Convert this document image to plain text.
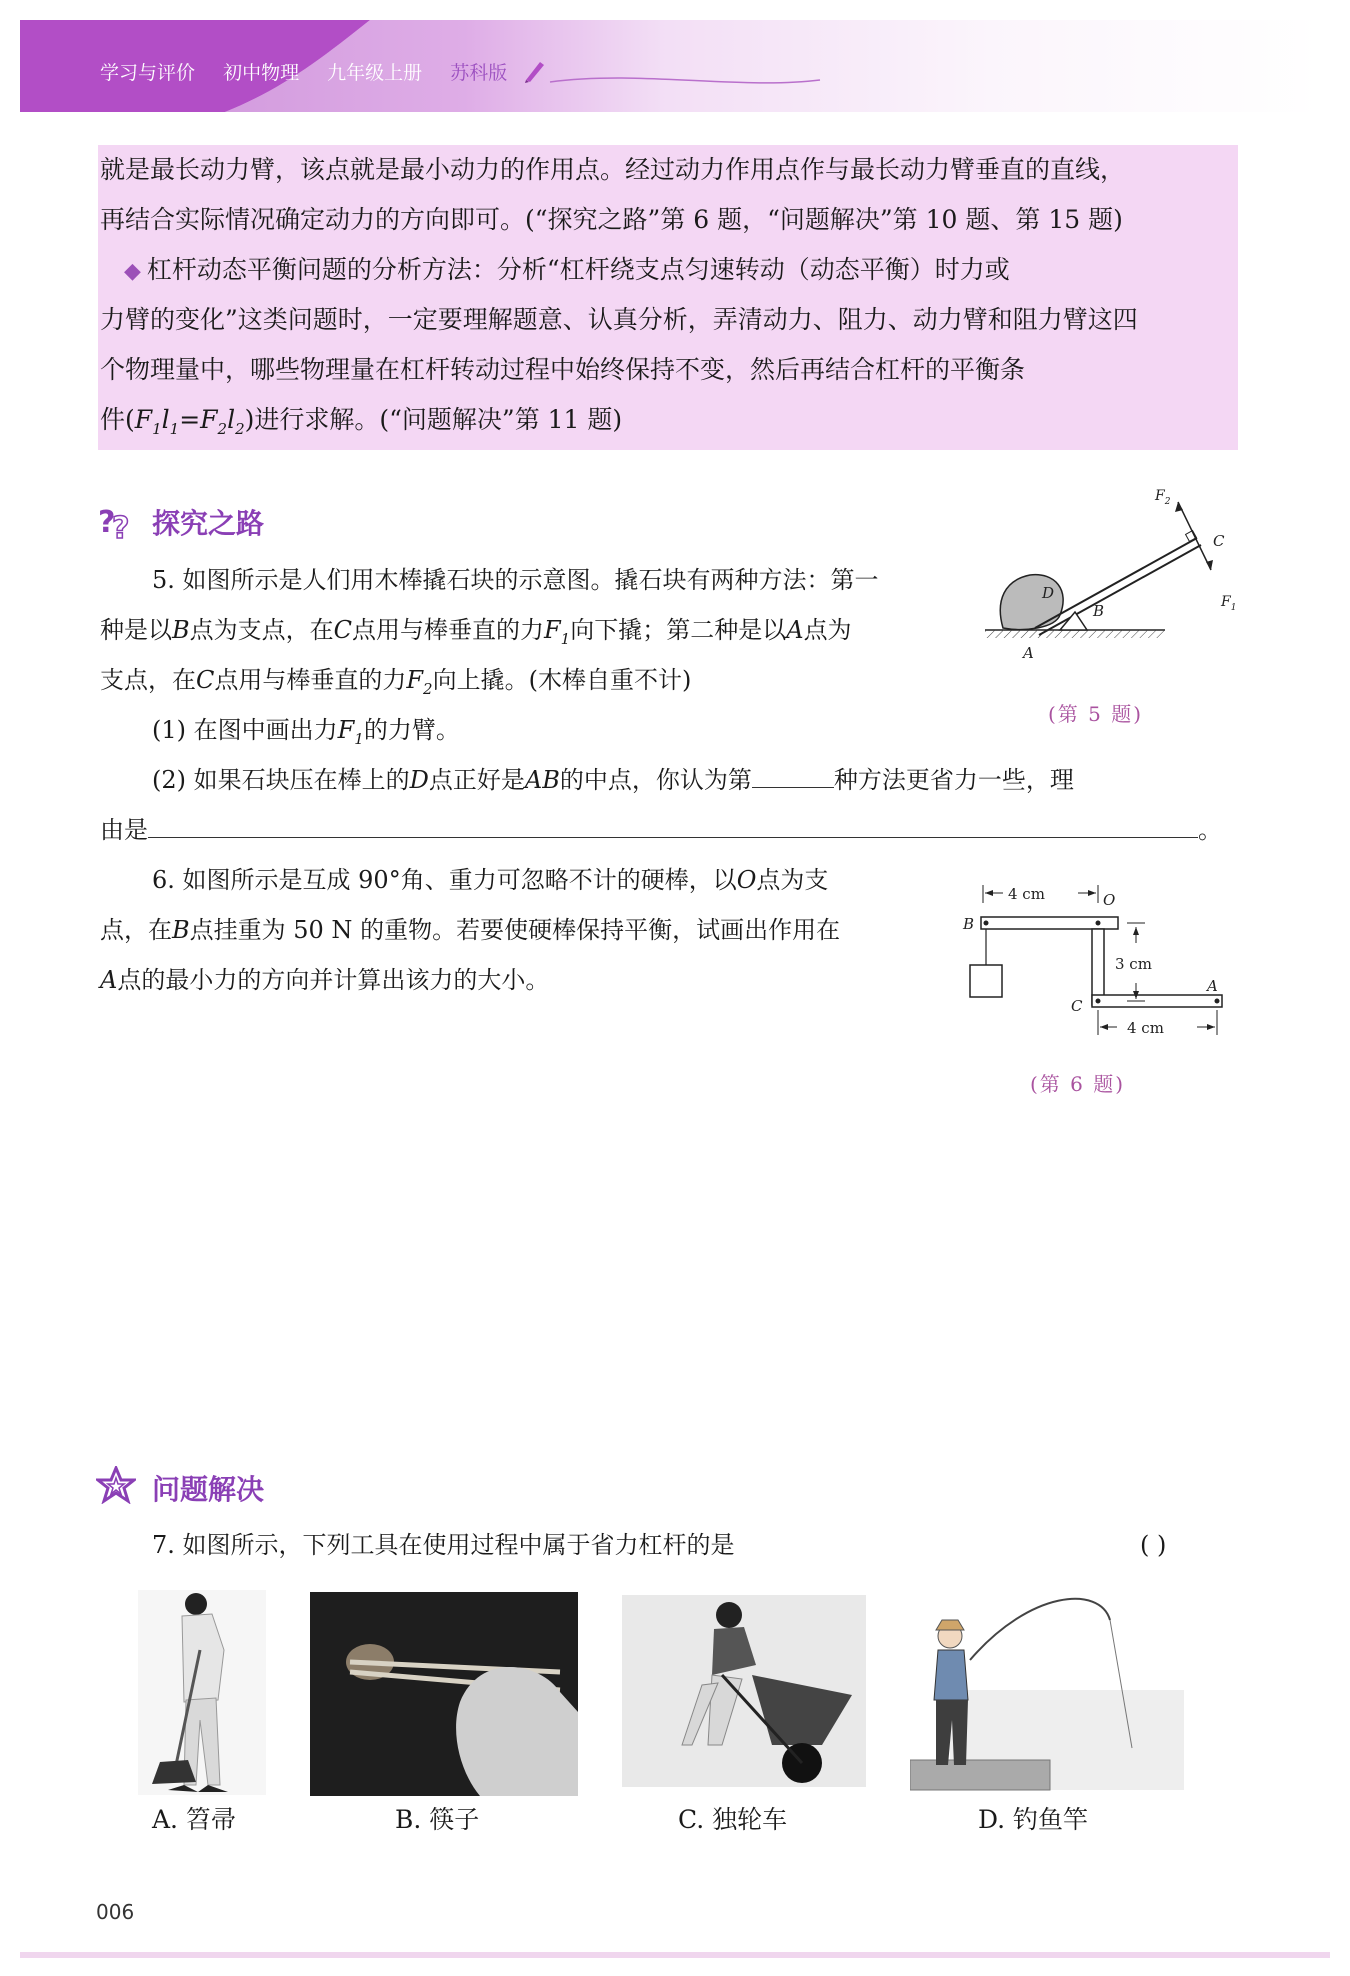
学习与评价 初中物理 九年级上册 苏科版
就是最长动力臂，该点就是最小动力的作用点。经过动力作用点作与最长动力臂垂直的直线，
再结合实际情况确定动力的方向即可。(“探究之路”第 6 题，“问题解决”第 10 题、第 15 题)
◆ 杠杆动态平衡问题的分析方法：分析“杠杆绕支点匀速转动（动态平衡）时力或
力臂的变化”这类问题时，一定要理解题意、认真分析，弄清动力、阻力、动力臂和阻力臂这四
个物理量中，哪些物理量在杠杆转动过程中始终保持不变，然后再结合杠杆的平衡条
件$(F_1l_1=F_2l_2)$进行求解。(“问题解决”第 11 题)
?
? 探究之路
5. 如图所示是人们用木棒撬石块的示意图。撬石块有两种方法：第一
种是以B点为支点，在C点用与棒垂直的力$F_1$向下撬；第二种是以A点为
支点，在C点用与棒垂直的力$F_2$向上撬。(木棒自重不计)
(1) 在图中画出力$F_1$的力臂。
(2) 如果石块压在棒上的D点正好是AB的中点，你认为第	种方法更省力一些，理
由是	。
$F_2$
$F_1$
C
B
A
D
(第 5 题)
6. 如图所示是互成 90°角、重力可忽略不计的硬棒，以O点为支
点，在B点挂重为 50 N 的重物。若要使硬棒保持平衡，试画出作用在
A点的最小力的方向并计算出该力的大小。
4 cm	O
B
3 cm
C
A
4 cm
(第 6 题)
问题解决
7. 如图所示，下列工具在使用过程中属于省力杠杆的是	( )
A. 笤帚	B. 筷子	C. 独轮车	D. 钓鱼竿
006
